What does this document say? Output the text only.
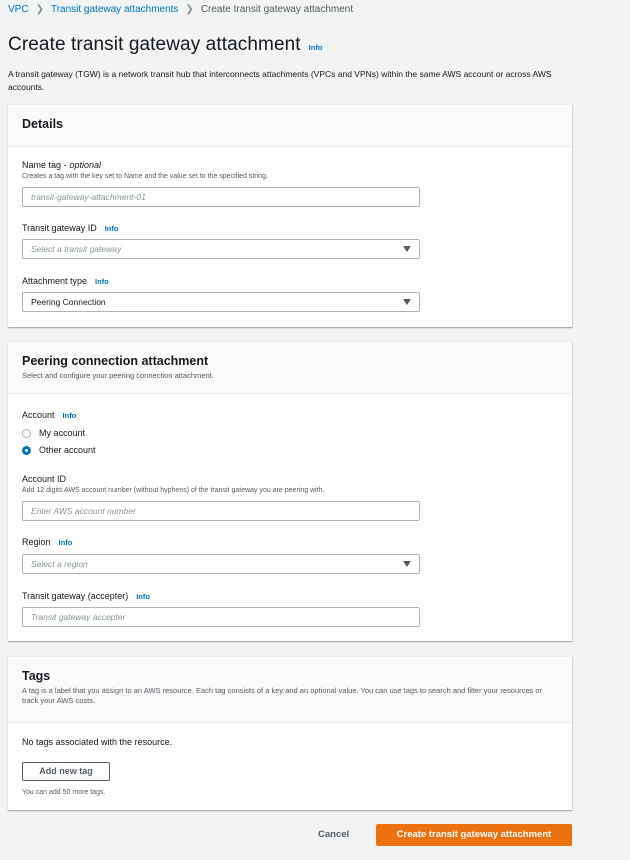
VPC ❯ Transit gateway attachments ❯ Create transit gateway attachment
Create transit gateway attachment Info
A transit gateway (TGW) is a network transit hub that interconnects attachments (VPCs and VPNs) within the same AWS account or across AWS accounts.
Details
Name tag - optional
Creates a tag with the key set to Name and the value set to the specified string.
transit-gateway-attachment-01
Transit gateway ID Info
Select a transit gateway
Attachment type Info
Peering Connection
Peering connection attachment
Select and configure your peering connection attachment.
Account Info
My account
Other account
Account ID
Add 12 digits AWS account number (without hyphens) of the transit gateway you are peering with.
Enter AWS account number
Region Info
Select a region
Transit gateway (accepter) Info
Transit gateway accepter
Tags
A tag is a label that you assign to an AWS resource. Each tag consists of a key and an optional value. You can use tags to search and filter your resources or track your AWS costs.
No tags associated with the resource.
Add new tag
You can add 50 more tags.
Cancel	Create transit gateway attachment
